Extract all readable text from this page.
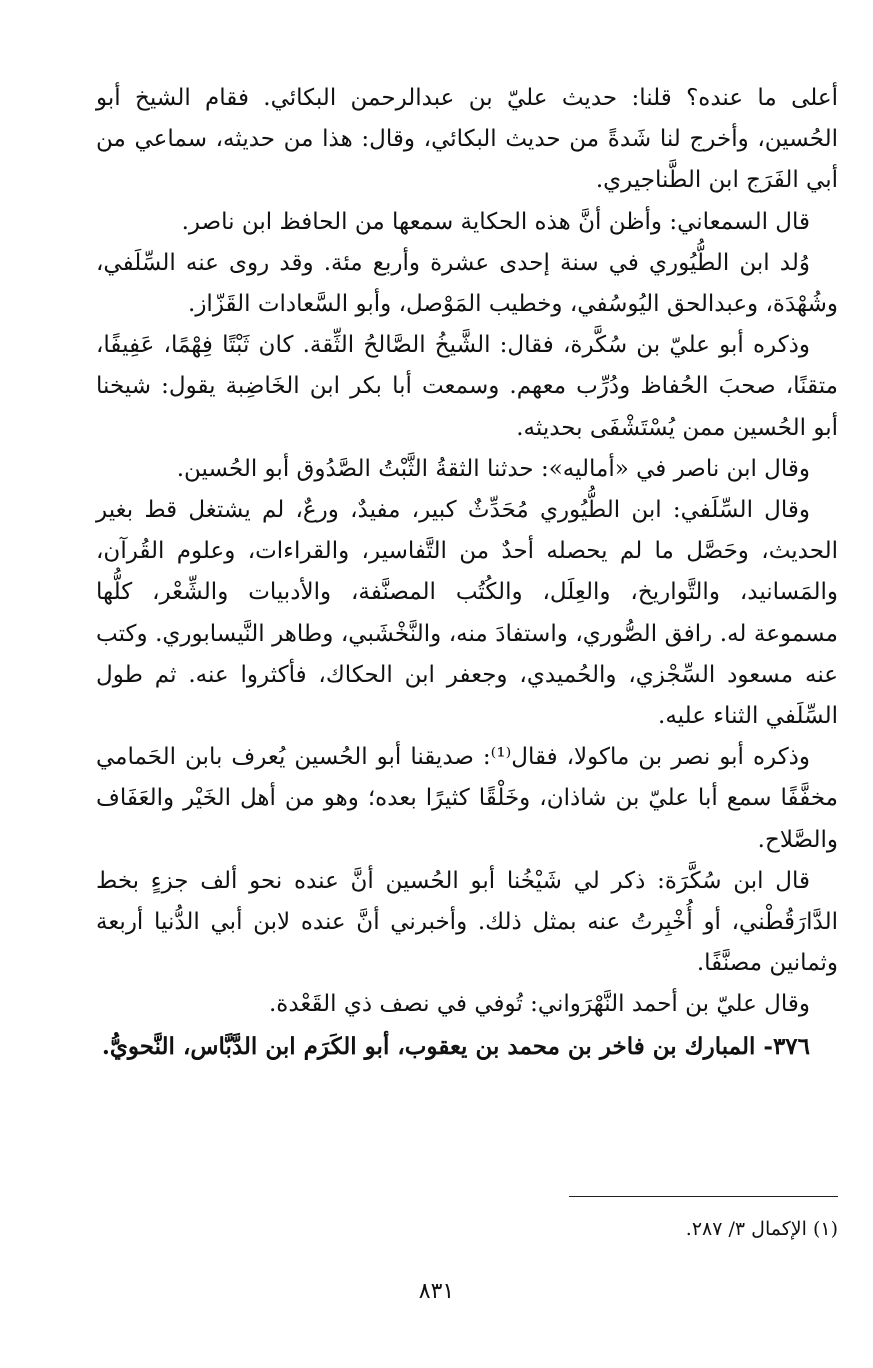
أعلى ما عنده؟ قلنا: حديث عليّ بن عبدالرحمن البكائي. فقام الشيخ أبو الحُسين، وأخرج لنا شَدةً من حديث البكائي، وقال: هذا من حديثه، سماعي من أبي الفَرَج ابن الطَّناجيري.

قال السمعاني: وأظن أنَّ هذه الحكاية سمعها من الحافظ ابن ناصر.

وُلد ابن الطُّيُوري في سنة إحدى عشرة وأربع مئة. وقد روى عنه السِّلَفي، وشُهْدَة، وعبدالحق اليُوسُفي، وخطيب المَوْصل، وأبو السَّعادات القَزّاز.

وذكره أبو عليّ بن سُكَّرة، فقال: الشَّيخُ الصَّالحُ الثِّقة. كان ثَبْتًا فِهْمًا، عَفِيفًا، متقنًا، صحبَ الحُفاظ ودُرِّب معهم. وسمعت أبا بكر ابن الخَاضِبة يقول: شيخنا أبو الحُسين ممن يُسْتَشْفَى بحديثه.

وقال ابن ناصر في «أماليه»: حدثنا الثقةُ الثَّبْتُ الصَّدُوق أبو الحُسين.

وقال السِّلَفي: ابن الطُّيُوري مُحَدِّثٌ كبير، مفيدٌ، ورعٌ، لم يشتغل قط بغير الحديث، وحَصَّل ما لم يحصله أحدٌ من التَّفاسير، والقراءات، وعلوم القُرآن، والمَسانيد، والتَّواريخ، والعِلَل، والكُتُب المصنَّفة، والأدبيات والشِّعْر، كلُّها مسموعة له. رافق الصُّوري، واستفادَ منه، والنَّخْشَبي، وطاهر النَّيسابوري. وكتب عنه مسعود السِّجْزي، والحُميدي، وجعفر ابن الحكاك، فأكثروا عنه. ثم طول السِّلَفي الثناء عليه.

وذكره أبو نصر بن ماكولا، فقال⁽¹⁾: صديقنا أبو الحُسين يُعرف بابن الحَمامي مخفَّفًا سمع أبا عليّ بن شاذان، وخَلْقًا كثيرًا بعده؛ وهو من أهل الخَيْر والعَفَاف والصَّلاح.

قال ابن سُكَّرَة: ذكر لي شَيْخُنا أبو الحُسين أنَّ عنده نحو ألف جزءٍ بخط الدَّارَقُطْني، أو أُخْبِرتُ عنه بمثل ذلك. وأخبرني أنَّ عنده لابن أبي الدُّنيا أربعة وثمانين مصنَّفًا.

وقال عليّ بن أحمد النَّهْرَواني: تُوفي في نصف ذي القَعْدة.

٣٧٦- المبارك بن فاخر بن محمد بن يعقوب، أبو الكَرَم ابن الدَّبَّاس، النَّحويُّ.

(١) الإكمال ٣/ ٢٨٧.

٨٣١
